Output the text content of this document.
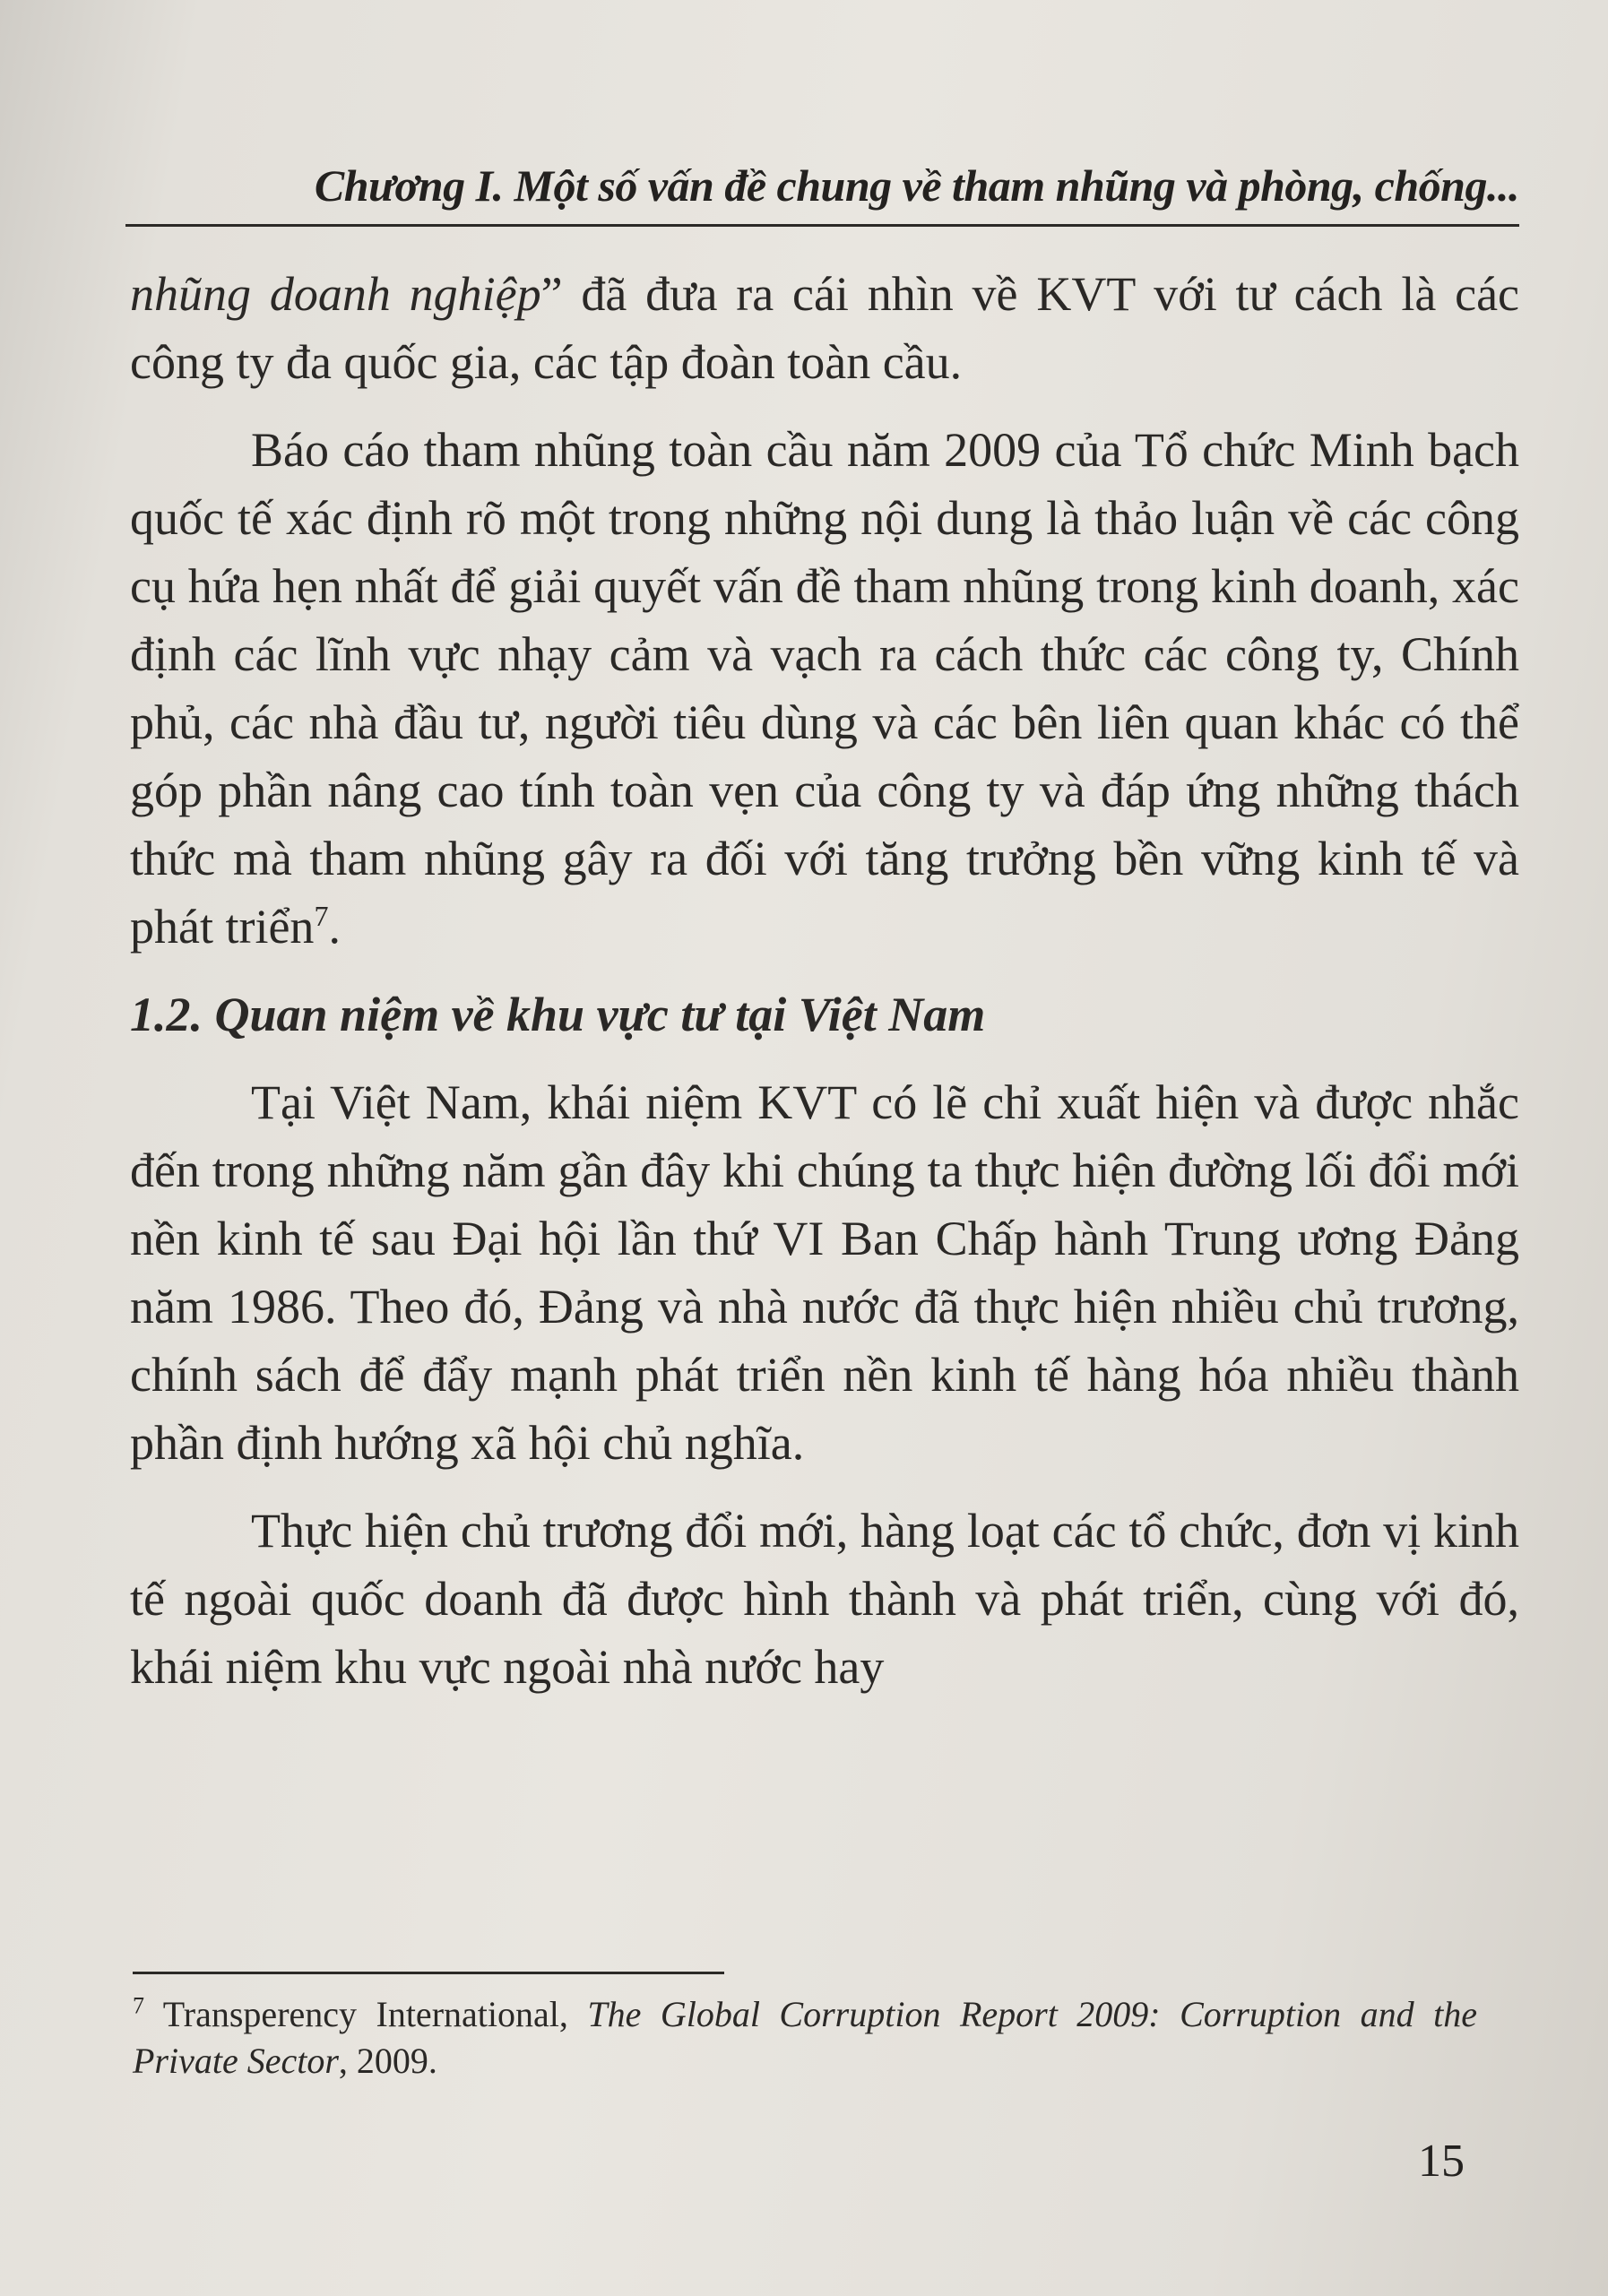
Chương I. Một số vấn đề chung về tham nhũng và phòng, chống...

nhũng doanh nghiệp” đã đưa ra cái nhìn về KVT với tư cách là các công ty đa quốc gia, các tập đoàn toàn cầu.

Báo cáo tham nhũng toàn cầu năm 2009 của Tổ chức Minh bạch quốc tế xác định rõ một trong những nội dung là thảo luận về các công cụ hứa hẹn nhất để giải quyết vấn đề tham nhũng trong kinh doanh, xác định các lĩnh vực nhạy cảm và vạch ra cách thức các công ty, Chính phủ, các nhà đầu tư, người tiêu dùng và các bên liên quan khác có thể góp phần nâng cao tính toàn vẹn của công ty và đáp ứng những thách thức mà tham nhũng gây ra đối với tăng trưởng bền vững kinh tế và phát triển$^7$.

1.2. Quan niệm về khu vực tư tại Việt Nam

Tại Việt Nam, khái niệm KVT có lẽ chỉ xuất hiện và được nhắc đến trong những năm gần đây khi chúng ta thực hiện đường lối đổi mới nền kinh tế sau Đại hội lần thứ VI Ban Chấp hành Trung ương Đảng năm 1986. Theo đó, Đảng và nhà nước đã thực hiện nhiều chủ trương, chính sách để đẩy mạnh phát triển nền kinh tế hàng hóa nhiều thành phần định hướng xã hội chủ nghĩa.

Thực hiện chủ trương đổi mới, hàng loạt các tổ chức, đơn vị kinh tế ngoài quốc doanh đã được hình thành và phát triển, cùng với đó, khái niệm khu vực ngoài nhà nước hay

$^7$ Transperency International, The Global Corruption Report 2009: Corruption and the Private Sector, 2009.
15
